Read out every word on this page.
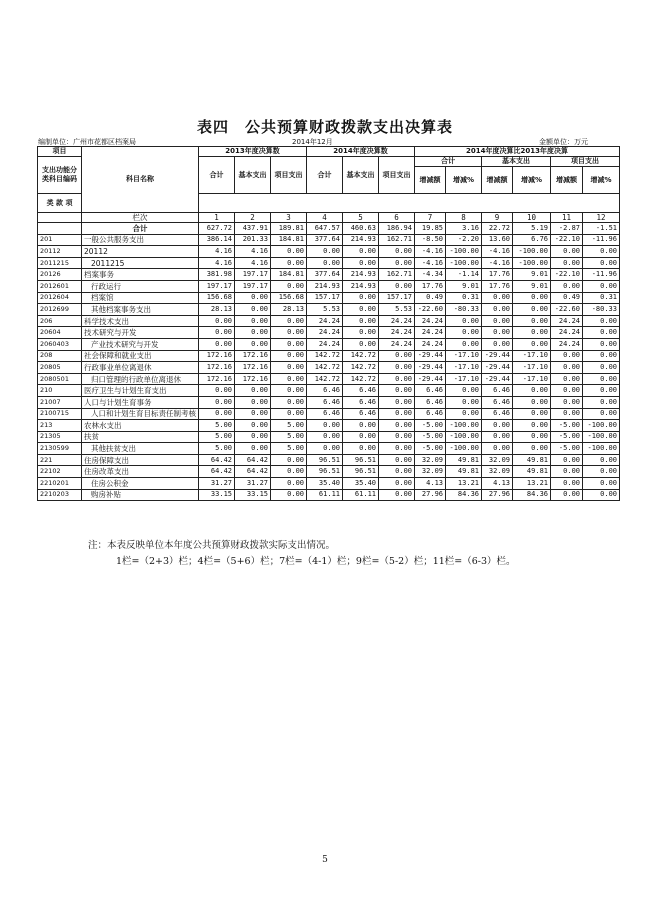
表四　公共预算财政拨款支出决算表
编制单位：广州市花都区档案局	2014年12月	金额单位：万元
项目	科目名称	2013年度决算数			2014年度决算数			2014年度决算比2013年度决算					
支出功能分类科目编码		合计	基本支出	项目支出	合计	基本支出	项目支出	合计		基本支出		项目支出	
								增减额	增减%	增减额	增减%	增减额	增减%
类 款 项													
	栏次	1	2	3	4	5	6	7	8	9	10	11	12
	合计	627.72	437.91	189.81	647.57	460.63	186.94	19.85	3.16	22.72	5.19	-2.87	-1.51
201	一般公共服务支出	386.14	201.33	184.81	377.64	214.93	162.71	-8.50	-2.20	13.60	6.76	-22.10	-11.96
20112	20112	4.16	4.16	0.00	0.00	0.00	0.00	-4.16	-100.00	-4.16	-100.00	0.00	0.00
2011215	2011215	4.16	4.16	0.00	0.00	0.00	0.00	-4.16	-100.00	-4.16	-100.00	0.00	0.00
20126	档案事务	381.98	197.17	184.81	377.64	214.93	162.71	-4.34	-1.14	17.76	9.01	-22.10	-11.96
2012601	行政运行	197.17	197.17	0.00	214.93	214.93	0.00	17.76	9.01	17.76	9.01	0.00	0.00
2012604	档案馆	156.68	0.00	156.68	157.17	0.00	157.17	0.49	0.31	0.00	0.00	0.49	0.31
2012699	其他档案事务支出	28.13	0.00	28.13	5.53	0.00	5.53	-22.60	-80.33	0.00	0.00	-22.60	-80.33
206	科学技术支出	0.00	0.00	0.00	24.24	0.00	24.24	24.24	0.00	0.00	0.00	24.24	0.00
20604	技术研究与开发	0.00	0.00	0.00	24.24	0.00	24.24	24.24	0.00	0.00	0.00	24.24	0.00
2060403	产业技术研究与开发	0.00	0.00	0.00	24.24	0.00	24.24	24.24	0.00	0.00	0.00	24.24	0.00
208	社会保障和就业支出	172.16	172.16	0.00	142.72	142.72	0.00	-29.44	-17.10	-29.44	-17.10	0.00	0.00
20805	行政事业单位离退休	172.16	172.16	0.00	142.72	142.72	0.00	-29.44	-17.10	-29.44	-17.10	0.00	0.00
2080501	归口管理的行政单位离退休	172.16	172.16	0.00	142.72	142.72	0.00	-29.44	-17.10	-29.44	-17.10	0.00	0.00
210	医疗卫生与计划生育支出	0.00	0.00	0.00	6.46	6.46	0.00	6.46	0.00	6.46	0.00	0.00	0.00
21007	人口与计划生育事务	0.00	0.00	0.00	6.46	6.46	0.00	6.46	0.00	6.46	0.00	0.00	0.00
2100715	人口和计划生育目标责任制考核	0.00	0.00	0.00	6.46	6.46	0.00	6.46	0.00	6.46	0.00	0.00	0.00
213	农林水支出	5.00	0.00	5.00	0.00	0.00	0.00	-5.00	-100.00	0.00	0.00	-5.00	-100.00
21305	扶贫	5.00	0.00	5.00	0.00	0.00	0.00	-5.00	-100.00	0.00	0.00	-5.00	-100.00
2130599	其他扶贫支出	5.00	0.00	5.00	0.00	0.00	0.00	-5.00	-100.00	0.00	0.00	-5.00	-100.00
221	住房保障支出	64.42	64.42	0.00	96.51	96.51	0.00	32.09	49.81	32.09	49.81	0.00	0.00
22102	住房改革支出	64.42	64.42	0.00	96.51	96.51	0.00	32.09	49.81	32.09	49.81	0.00	0.00
2210201	住房公积金	31.27	31.27	0.00	35.40	35.40	0.00	4.13	13.21	4.13	13.21	0.00	0.00
2210203	购房补贴	33.15	33.15	0.00	61.11	61.11	0.00	27.96	84.36	27.96	84.36	0.00	0.00
注：本表反映单位本年度公共预算财政拨款实际支出情况。
1栏=（2+3）栏；4栏=（5+6）栏；7栏=（4-1）栏；9栏=（5-2）栏；11栏=（6-3）栏。
5
